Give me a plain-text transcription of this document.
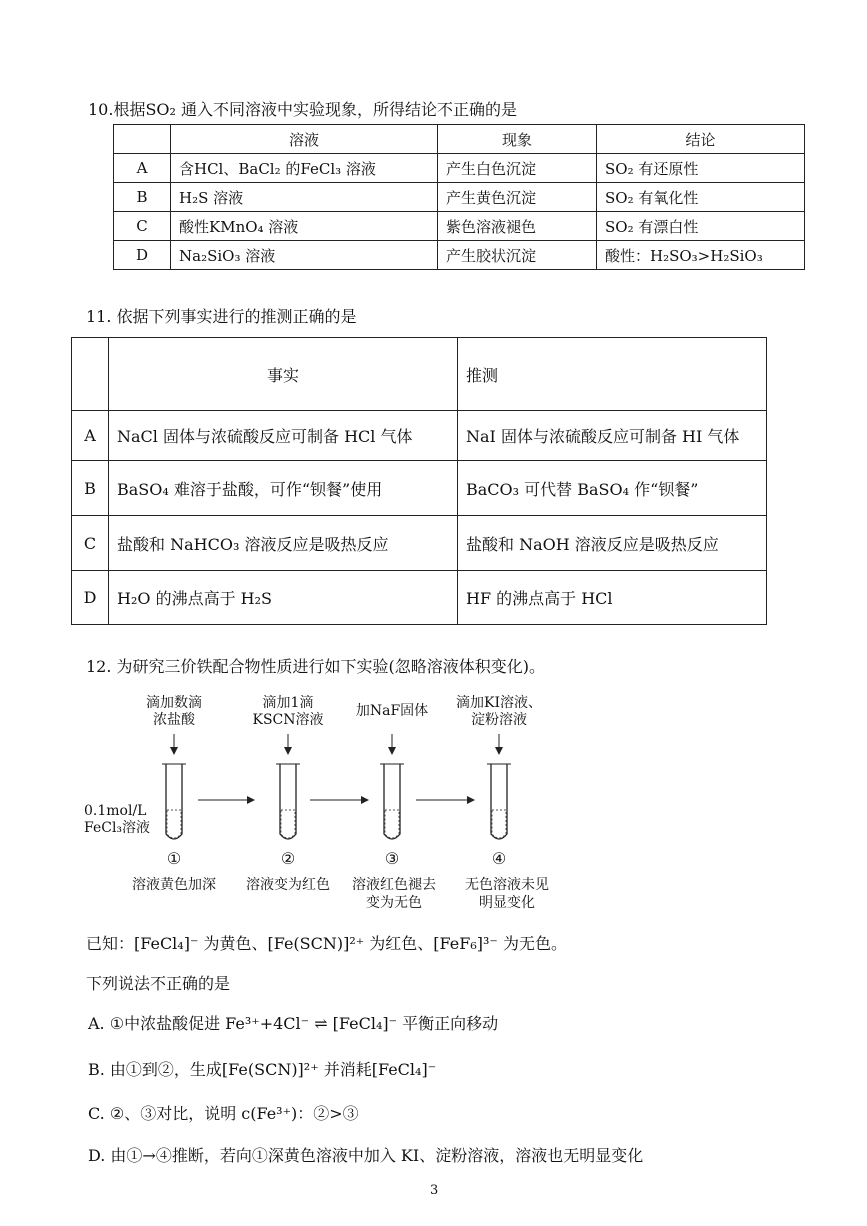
10.根据SO₂ 通入不同溶液中实验现象，所得结论不正确的是
	溶液	现象	结论
A	含HCl、BaCl₂ 的FeCl₃ 溶液	产生白色沉淀	SO₂ 有还原性
B	H₂S 溶液	产生黄色沉淀	SO₂ 有氧化性
C	酸性KMnO₄ 溶液	紫色溶液褪色	SO₂ 有漂白性
D	Na₂SiO₃ 溶液	产生胶状沉淀	酸性：H₂SO₃>H₂SiO₃
11. 依据下列事实进行的推测正确的是
	事实	推测
A	NaCl 固体与浓硫酸反应可制备 HCl 气体	NaI 固体与浓硫酸反应可制备 HI 气体
B	BaSO₄ 难溶于盐酸，可作“钡餐”使用	BaCO₃ 可代替 BaSO₄ 作“钡餐”
C	盐酸和 NaHCO₃ 溶液反应是吸热反应	盐酸和 NaOH 溶液反应是吸热反应
D	H₂O 的沸点高于 H₂S	HF 的沸点高于 HCl
12. 为研究三价铁配合物性质进行如下实验(忽略溶液体积变化)。
滴加数滴
浓盐酸
滴加1滴
KSCN溶液
加NaF固体	滴加KI溶液、
淀粉溶液
0.1mol/L
FeCl₃溶液
①	②	③	④
溶液黄色加深	溶液变为红色	溶液红色褪去
变为无色
无色溶液未见
明显变化
已知：[FeCl₄]⁻ 为黄色、[Fe(SCN)]²⁺ 为红色、[FeF₆]³⁻ 为无色。
下列说法不正确的是
A. ①中浓盐酸促进 Fe³⁺+4Cl⁻ ⇌ [FeCl₄]⁻ 平衡正向移动
B. 由①到②，生成[Fe(SCN)]²⁺ 并消耗[FeCl₄]⁻
C. ②、③对比，说明 c(Fe³⁺)：②>③
D. 由①→④推断，若向①深黄色溶液中加入 KI、淀粉溶液，溶液也无明显变化
3
